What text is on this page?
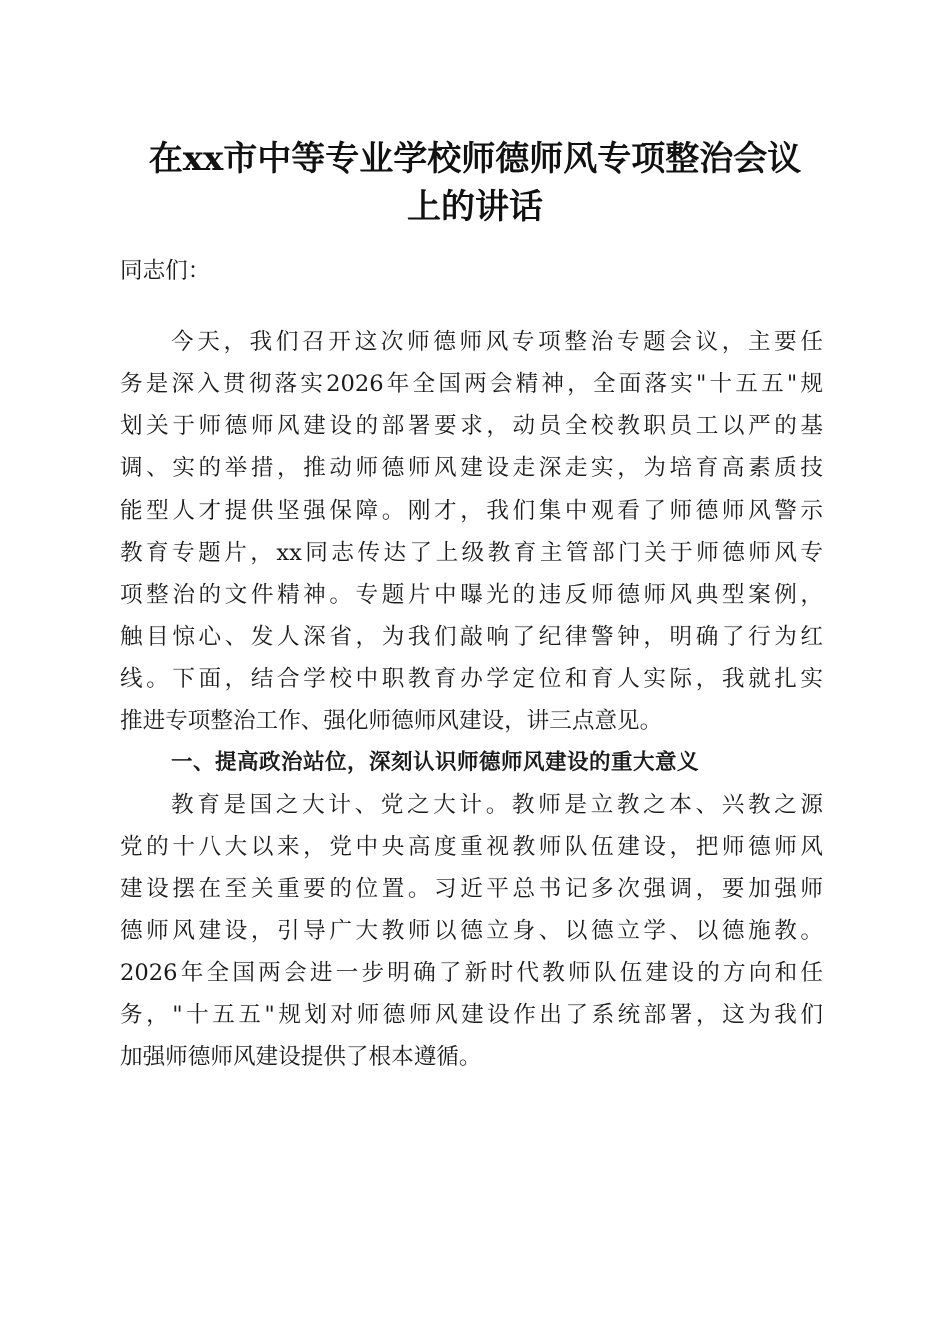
在xx市中等专业学校师德师风专项整治会议
上的讲话

同志们：

今天，我们召开这次师德师风专项整治专题会议，主要任

务是深入贯彻落实2026年全国两会精神，全面落实"十五五"规

划关于师德师风建设的部署要求，动员全校教职员工以严的基

调、实的举措，推动师德师风建设走深走实，为培育高素质技

能型人才提供坚强保障。刚才，我们集中观看了师德师风警示

教育专题片，xx同志传达了上级教育主管部门关于师德师风专

项整治的文件精神。专题片中曝光的违反师德师风典型案例，

触目惊心、发人深省，为我们敲响了纪律警钟，明确了行为红

线。下面，结合学校中职教育办学定位和育人实际，我就扎实

推进专项整治工作、强化师德师风建设，讲三点意见。

一、提高政治站位，深刻认识师德师风建设的重大意义

教育是国之大计、党之大计。教师是立教之本、兴教之源

党的十八大以来，党中央高度重视教师队伍建设，把师德师风

建设摆在至关重要的位置。习近平总书记多次强调，要加强师

德师风建设，引导广大教师以德立身、以德立学、以德施教。

2026年全国两会进一步明确了新时代教师队伍建设的方向和任

务，"十五五"规划对师德师风建设作出了系统部署，这为我们

加强师德师风建设提供了根本遵循。
